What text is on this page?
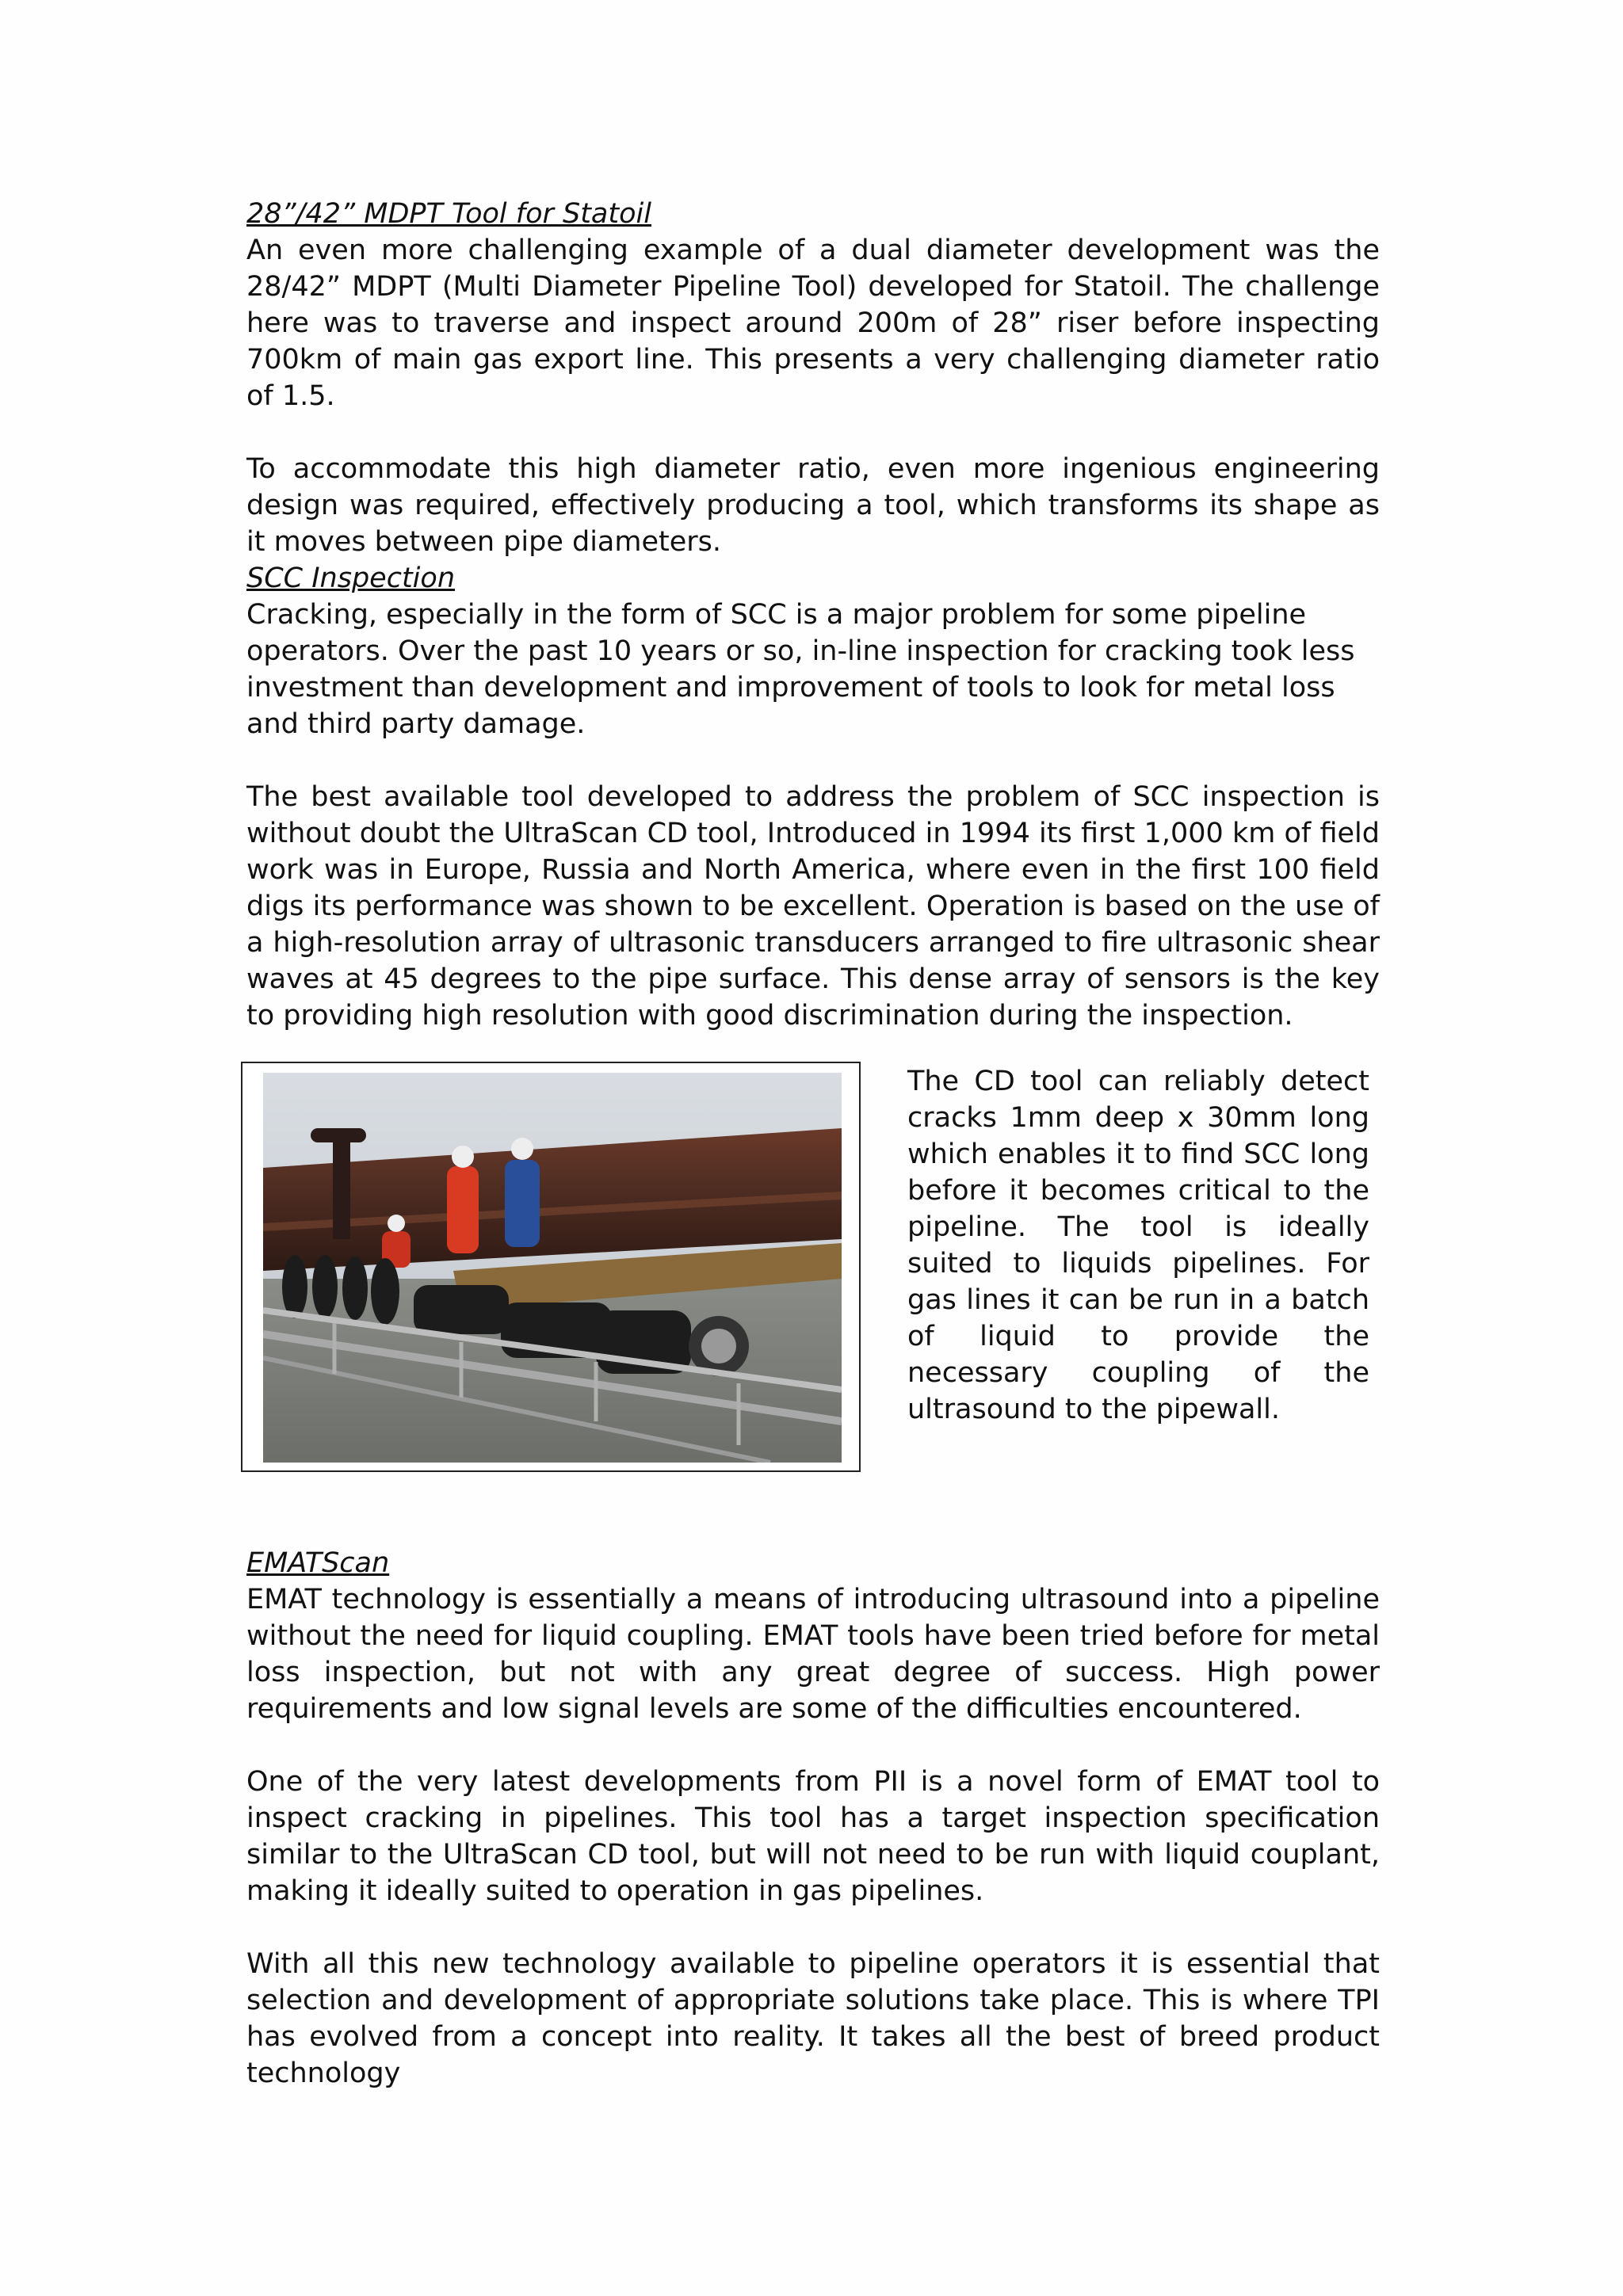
28”/42” MDPT Tool for Statoil

An even more challenging example of a dual diameter development was the 28/42” MDPT (Multi Diameter Pipeline Tool) developed for Statoil. The challenge here was to traverse and inspect around 200m of 28” riser before inspecting 700km of main gas export line. This presents a very challenging diameter ratio of 1.5.

To accommodate this high diameter ratio, even more ingenious engineering design was required, effectively producing a tool, which transforms its shape as it moves between pipe diameters.

SCC Inspection

Cracking, especially in the form of SCC is a major problem for some pipeline operators. Over the past 10 years or so, in-line inspection for cracking took less investment than development and improvement of tools to look for metal loss and third party damage.

The best available tool developed to address the problem of SCC inspection is without doubt the UltraScan CD tool, Introduced in 1994 its first 1,000 km of field work was in Europe, Russia and North America, where even in the first 100 field digs its performance was shown to be excellent. Operation is based on the use of a high-resolution array of ultrasonic transducers arranged to fire ultrasonic shear waves at 45 degrees to the pipe surface. This dense array of sensors is the key to providing high resolution with good discrimination during the inspection.

The CD tool can reliably detect cracks 1mm deep x 30mm long which enables it to find SCC long before it becomes critical to the pipeline. The tool is ideally suited to liquids pipelines. For gas lines it can be run in a batch of liquid to provide the necessary coupling of the ultrasound to the pipewall.

EMATScan

EMAT technology is essentially a means of introducing ultrasound into a pipeline without the need for liquid coupling. EMAT tools have been tried before for metal loss inspection, but not with any great degree of success. High power requirements and low signal levels are some of the difficulties encountered.

One of the very latest developments from PII is a novel form of EMAT tool to inspect cracking in pipelines. This tool has a target inspection specification similar to the UltraScan CD tool, but will not need to be run with liquid couplant, making it ideally suited to operation in gas pipelines.

With all this new technology available to pipeline operators it is essential that selection and development of appropriate solutions take place. This is where TPI has evolved from a concept into reality. It takes all the best of breed product technology
